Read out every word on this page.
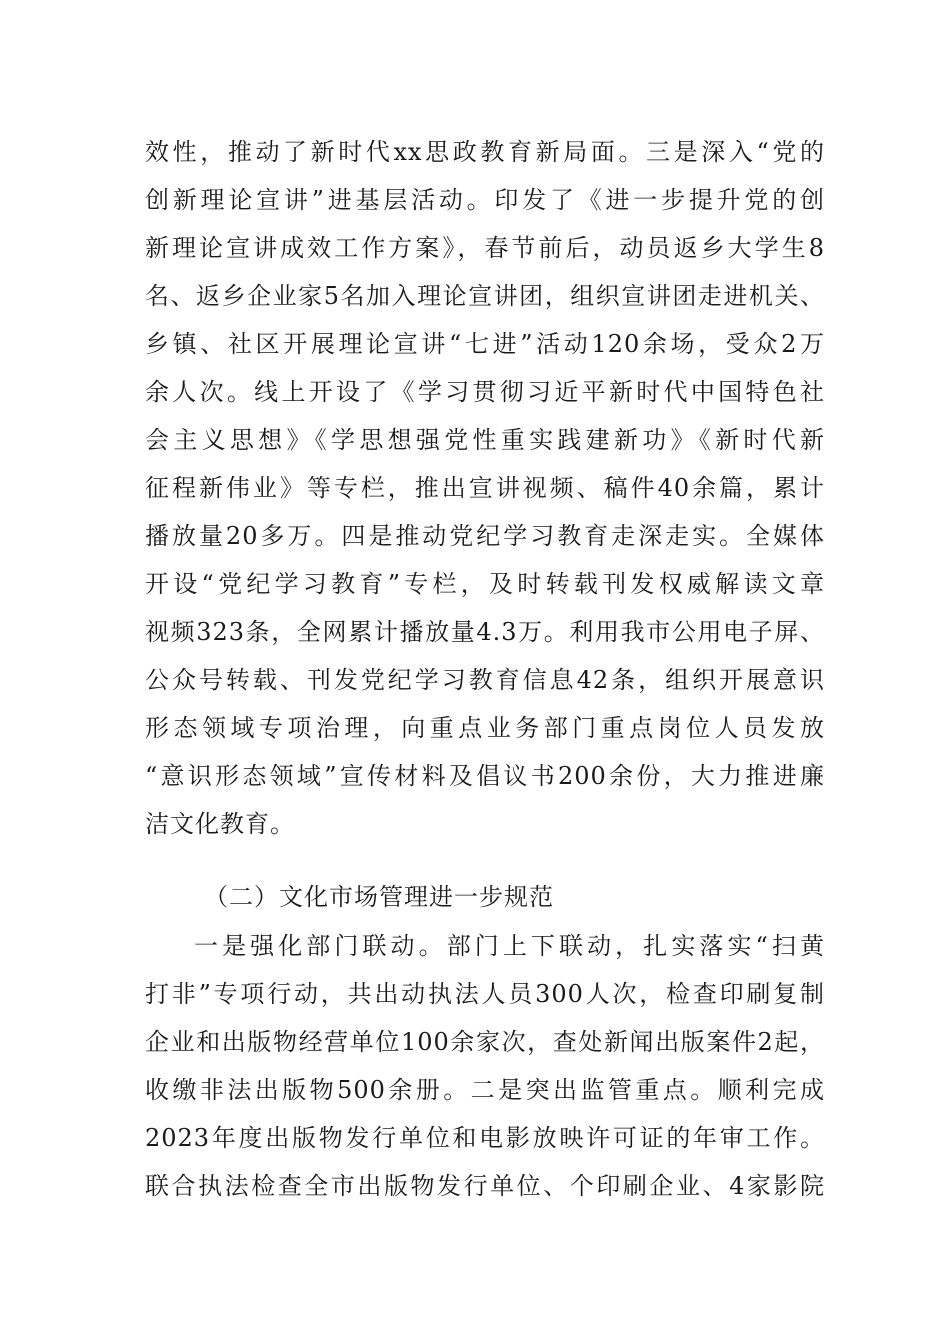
效性，推动了新时代xx思政教育新局面。三是深入“党的
创新理论宣讲”进基层活动。印发了《进一步提升党的创
新理论宣讲成效工作方案》，春节前后，动员返乡大学生8
名、返乡企业家5名加入理论宣讲团，组织宣讲团走进机关、
乡镇、社区开展理论宣讲“七进”活动120余场，受众2万
余人次。线上开设了《学习贯彻习近平新时代中国特色社
会主义思想》《学思想强党性重实践建新功》《新时代新
征程新伟业》等专栏，推出宣讲视频、稿件40余篇，累计
播放量20多万。四是推动党纪学习教育走深走实。全媒体
开设“党纪学习教育”专栏，及时转载刊发权威解读文章
视频323条，全网累计播放量4.3万。利用我市公用电子屏、
公众号转载、刊发党纪学习教育信息42条，组织开展意识
形态领域专项治理，向重点业务部门重点岗位人员发放
“意识形态领域”宣传材料及倡议书200余份，大力推进廉
洁文化教育。
（二）文化市场管理进一步规范
一是强化部门联动。部门上下联动，扎实落实“扫黄
打非”专项行动，共出动执法人员300人次，检查印刷复制
企业和出版物经营单位100余家次，查处新闻出版案件2起，
收缴非法出版物500余册。二是突出监管重点。顺利完成
2023年度出版物发行单位和电影放映许可证的年审工作。
联合执法检查全市出版物发行单位、个印刷企业、4家影院
